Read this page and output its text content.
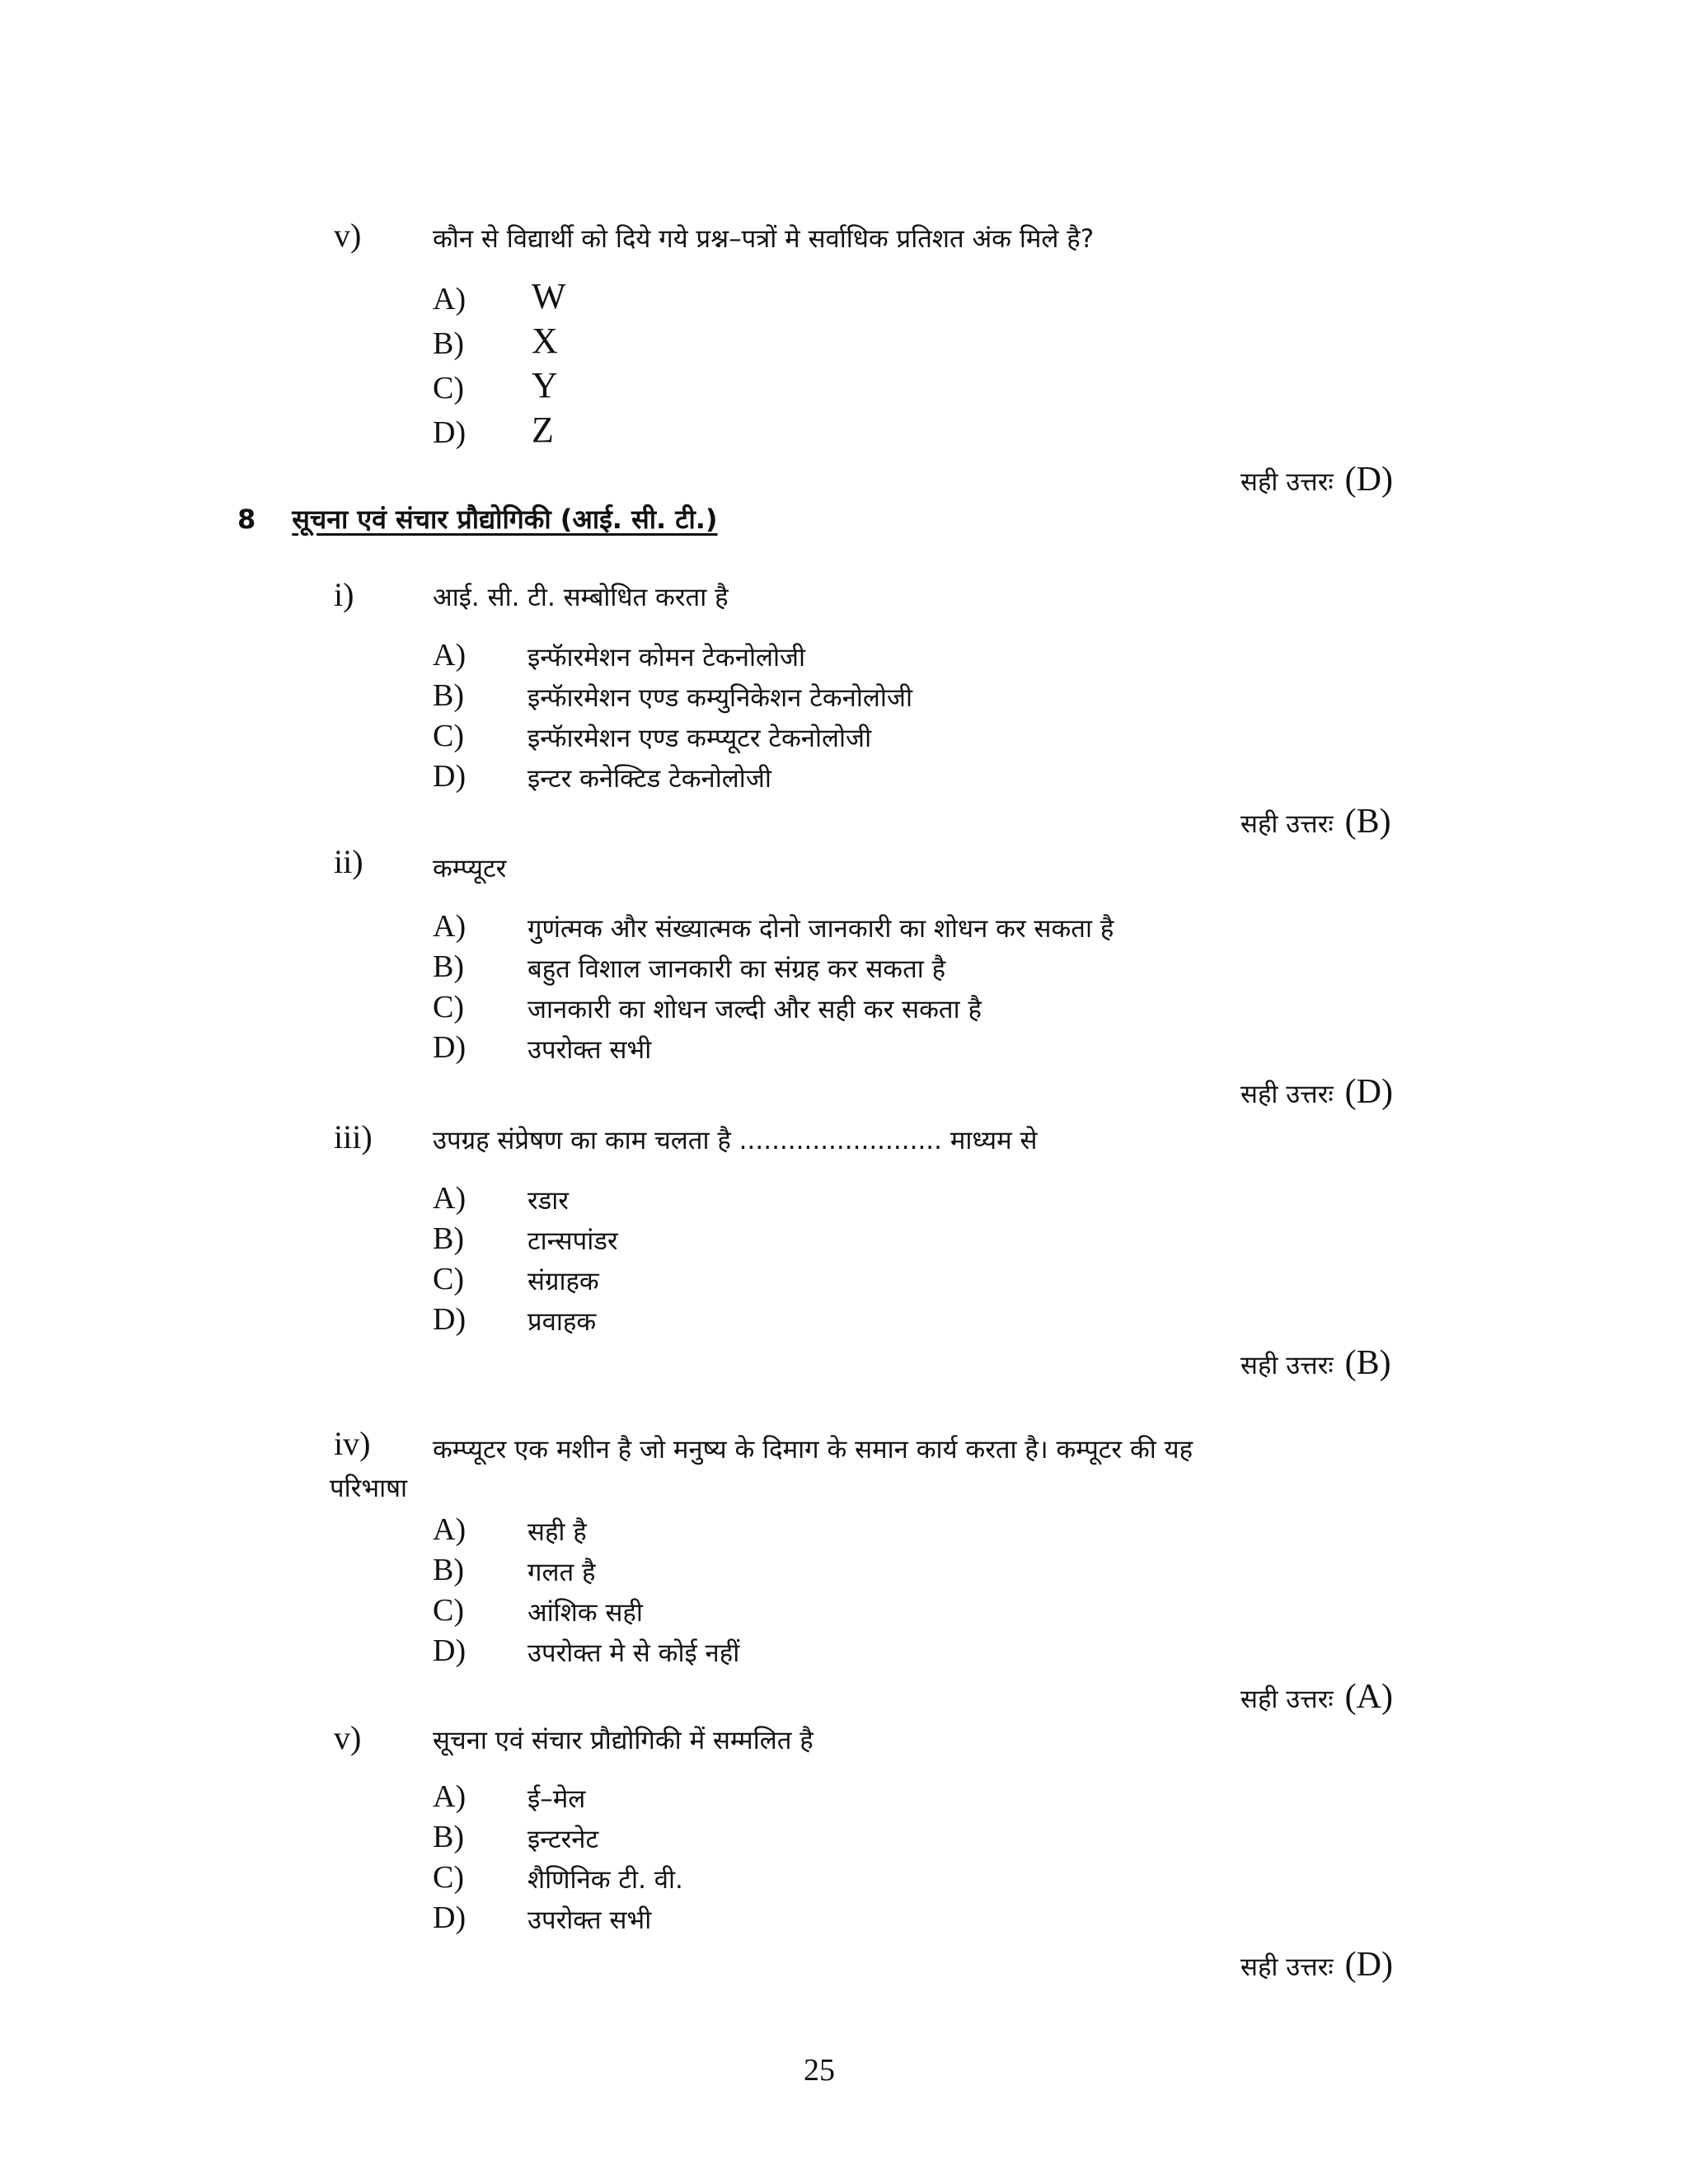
v)	कौन से विद्यार्थी को दिये गये प्रश्न–पत्रों मे सर्वाधिक प्रतिशत अंक मिले है?
A) W
B) X
C) Y
D) Z
सही उत्तरः (D)
8 सूचना एवं संचार प्रौद्योगिकी (आई. सी. टी.)
i)	आई. सी. टी. सम्बोधित करता है
A) इन्फॅारमेशन कोमन टेकनोलोजी
B) इन्फॅारमेशन एण्ड कम्युनिकेशन टेकनोलोजी
C) इन्फॅारमेशन एण्ड कम्प्यूटर टेकनोलोजी
D) इन्टर कनेक्टिड टेकनोलोजी
सही उत्तरः (B)
ii)	कम्प्यूटर
A) गुणंत्मक और संख्यात्मक दोनो जानकारी का शोधन कर सकता है
B) बहुत विशाल जानकारी का संग्रह कर सकता है
C) जानकारी का शोधन जल्दी और सही कर सकता है
D) उपरोक्त सभी
सही उत्तरः (D)
iii) उपग्रह संप्रेषण का काम चलता है ......................... माध्यम से
A) रडार
B) टान्सपांडर
C) संग्राहक
D) प्रवाहक
सही उत्तरः (B)
iv) कम्प्यूटर एक मशीन है जो मनुष्य के दिमाग के समान कार्य करता है। कम्पूटर की यह
परिभाषा
A) सही है
B) गलत है
C) आंशिक सही
D) उपरोक्त मे से कोई नहीं
सही उत्तरः (A)
v)	सूचना एवं संचार प्रौद्योगिकी में सम्मलित है
A) ई–मेल
B) इन्टरनेट
C) शैणिनिक टी. वी.
D) उपरोक्त सभी
सही उत्तरः (D)
25
